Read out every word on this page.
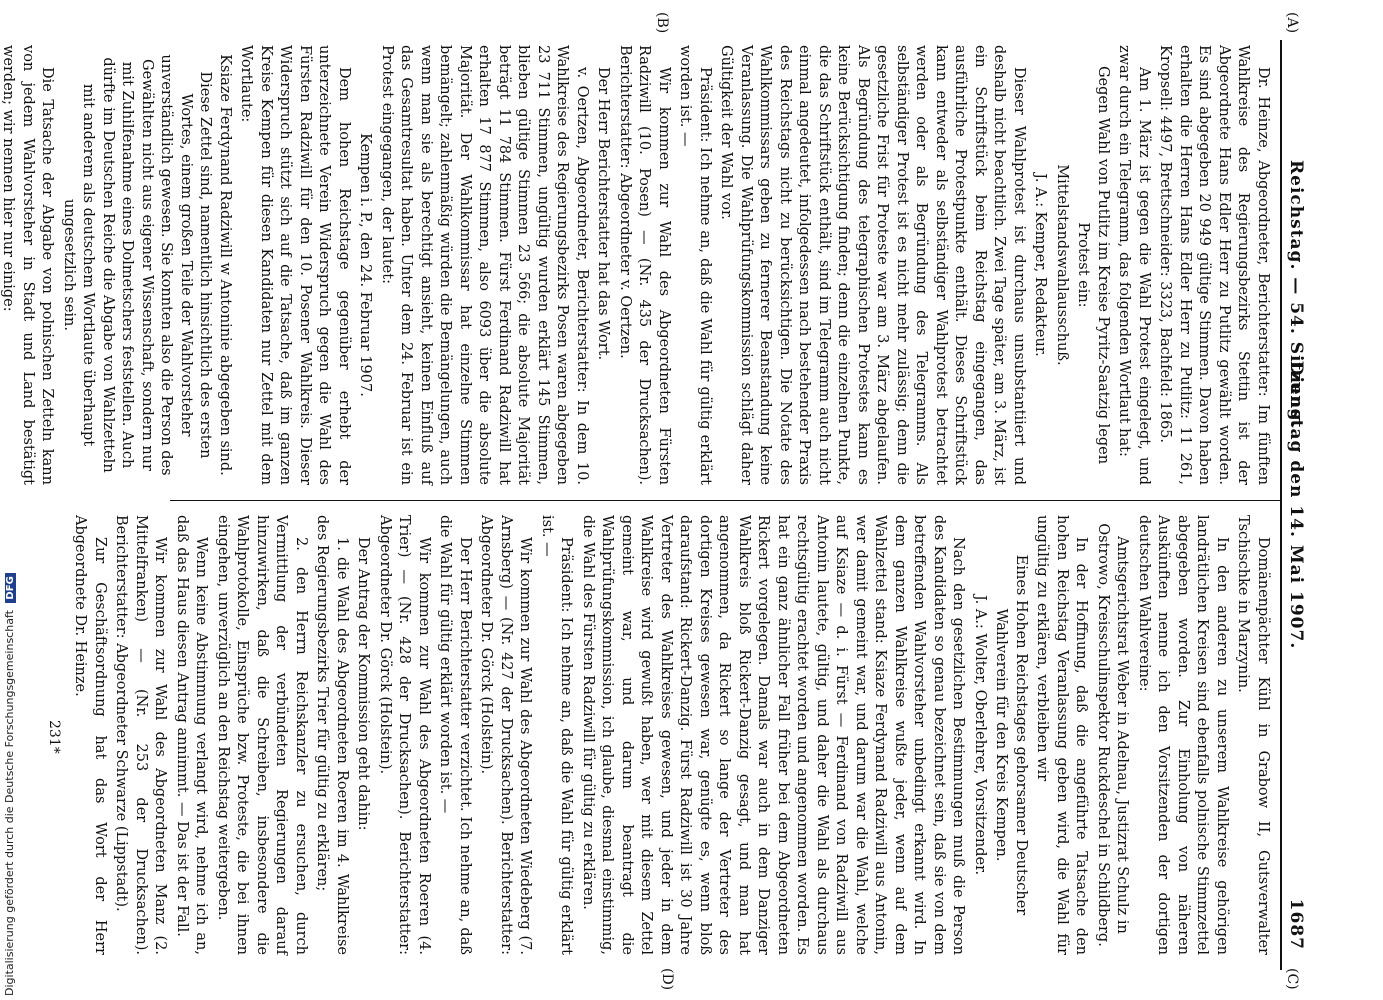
Reichstag. — 54. Sitzung.
Dienstag den 14. Mai 1907.
1687
(A)
(B)
(C)
(D)

Dr. Heinze, Abgeordneter, Berichterstatter: Im fünften Wahlkreise des Regierungsbezirks Stettin ist der Abgeordnete Hans Edler Herr zu Putlitz gewählt worden. Es sind abgegeben 20 949 gültige Stimmen. Davon haben erhalten die Herren Hans Edler Herr zu Putlitz: 11 261, Kropsell: 4497, Brettschneider: 3323, Bachfeld: 1865.

Am 1. März ist gegen die Wahl Protest eingelegt, und zwar durch ein Telegramm, das folgenden Wortlaut hat:

Gegen Wahl von Putlitz im Kreise Pyritz-Saatzig legen Protest ein:

Mittelstandswahlausschuß.

J. A.: Kemper, Redakteur.

Dieser Wahlprotest ist durchaus unsubstantiiert und deshalb nicht beachtlich. Zwei Tage später, am 3. März, ist ein Schriftstück beim Reichstag eingegangen, das ausführliche Protestpunkte enthält. Dieses Schriftstück kann entweder als selbständiger Wahlprotest betrachtet werden oder als Begründung des Telegramms. Als selbständiger Protest ist es nicht mehr zulässig; denn die gesetzliche Frist für Proteste war am 3. März abgelaufen. Als Begründung des telegraphischen Protestes kann es keine Berücksichtigung finden; denn die einzelnen Punkte, die das Schriftstück enthält, sind im Telegramm auch nicht einmal angedeutet, infolgedessen nach bestehender Praxis des Reichstags nicht zu berücksichtigen. Die Notate des Wahlkommissars geben zu fernerer Beanstandung keine Veranlassung. Die Wahlprüfungskommission schlägt daher Gültigkeit der Wahl vor.

Präsident: Ich nehme an, daß die Wahl für gültig erklärt worden ist. —

Wir kommen zur Wahl des Abgeordneten Fürsten Radziwill (10. Posen) — (Nr. 435 der Drucksachen). Berichterstatter: Abgeordneter v. Oertzen.

Der Herr Berichterstatter hat das Wort.

v. Oertzen, Abgeordneter, Berichterstatter: In dem 10. Wahlkreise des Regierungsbezirks Posen waren abgegeben 23 711 Stimmen, ungültig wurden erklärt 145 Stimmen, blieben gültige Stimmen 23 566; die absolute Majorität beträgt 11 784 Stimmen. Fürst Ferdinand Radziwill hat erhalten 17 877 Stimmen, also 6093 über die absolute Majorität. Der Wahlkommissar hat einzelne Stimmen bemängelt; zahlenmäßig würden die Bemängelungen, auch wenn man sie als berechtigt ansieht, keinen Einfluß auf das Gesamtresultat haben. Unter dem 24. Februar ist ein Protest eingegangen, der lautet:

Kempen i. P., den 24. Februar 1907.

Dem hohen Reichstage gegenüber erhebt der unterzeichnete Verein Widerspruch gegen die Wahl des Fürsten Radziwill für den 10. Posener Wahlkreis. Dieser Widerspruch stützt sich auf die Tatsache, daß im ganzen Kreise Kempen für diesen Kandidaten nur Zettel mit dem Wortlaute:

Ksiaze Ferdynand Radziwill w Antoninie abgegeben sind. Diese Zettel sind, namentlich hinsichtlich des ersten Wortes, einem großen Teile der Wahlvorsteher unverständlich gewesen. Sie konnten also die Person des Gewählten nicht aus eigener Wissenschaft, sondern nur mit Zuhilfenahme eines Dolmetschers feststellen. Auch dürfte im Deutschen Reiche die Abgabe von Wahlzetteln mit anderem als deutschem Wortlaute überhaupt ungesetzlich sein.

Die Tatsache der Abgabe von polnischen Zetteln kann von jedem Wahlvorsteher in Stadt und Land bestätigt werden; wir nennen hier nur einige:

Domänenpächter Kühl in Grabow II, Gutsverwalter Tschischke in Marzynin.

In den anderen zu unserem Wahlkreise gehörigen landrätlichen Kreisen sind ebenfalls polnische Stimmzettel abgegeben worden. Zur Einholung von näheren Auskünften nenne ich den Vorsitzenden der dortigen deutschen Wahlvereine:

Amtsgerichtsrat Weber in Adelnau, Justizrat Schulz in Ostrowo, Kreisschulinspektor Ruckdeschel in Schildberg.

In der Hoffnung, daß die angeführte Tatsache den hohen Reichstag Veranlassung geben wird, die Wahl für ungültig zu erklären, verbleiben wir

Eines Hohen Reichstages gehorsamer Deutscher Wahlverein für den Kreis Kempen.

J. A.: Wolter, Oberlehrer, Vorsitzender.

Nach den gesetzlichen Bestimmungen muß die Person des Kandidaten so genau bezeichnet sein, daß sie von dem betreffenden Wahlvorsteher unbedingt erkannt wird. In dem ganzen Wahlkreise wußte jeder, wenn auf dem Wahlzettel stand: Ksiaze Ferdynand Radziwill aus Antonin, wer damit gemeint war, und darum war die Wahl, welche auf Ksiaze — d. i. Fürst — Ferdinand von Radziwill aus Antonin lautete, gültig, und daher die Wahl als durchaus rechtsgültig erachtet worden und angenommen worden. Es hat ein ganz ähnlicher Fall früher bei dem Abgeordneten Rickert vorgelegen. Damals war auch in dem Danziger Wahlkreis bloß Rickert-Danzig gesagt, und man hat angenommen, da Rickert so lange der Vertreter des dortigen Kreises gewesen war, genügte es, wenn bloß daraufstand: Rickert-Danzig. Fürst Radziwill ist 30 Jahre Vertreter des Wahlkreises gewesen, und jeder in dem Wahlkreise wird gewußt haben, wer mit diesem Zettel gemeint war, und darum beantragt die Wahlprüfungskommission, ich glaube, diesmal einstimmig, die Wahl des Fürsten Radziwill für gültig zu erklären.

Präsident: Ich nehme an, daß die Wahl für gültig erklärt ist. —

Wir kommen zur Wahl des Abgeordneten Wiedeberg (7. Arnsberg) — (Nr. 427 der Drucksachen). Berichterstatter: Abgeordneter Dr. Görck (Holstein).

Der Herr Berichterstatter verzichtet. Ich nehme an, daß die Wahl für gültig erklärt worden ist. —

Wir kommen zur Wahl des Abgeordneten Roeren (4. Trier) — (Nr. 428 der Drucksachen). Berichterstatter: Abgeordneter Dr. Görck (Holstein).

Der Antrag der Kommission geht dahin:

1. die Wahl des Abgeordneten Roeren im 4. Wahlkreise des Regierungsbezirks Trier für gültig zu erklären;

2. den Herrn Reichskanzler zu ersuchen, durch Vermittlung der verbündeten Regierungen darauf hinzuwirken, daß die Schreiben, insbesondere die Wahlprotokolle, Einsprüche bzw. Proteste, die bei ihnen eingehen, unverzüglich an den Reichstag weitergeben.

Wenn keine Abstimmung verlangt wird, nehme ich an, daß das Haus diesen Antrag annimmt. — Das ist der Fall.

Wir kommen zur Wahl des Abgeordneten Manz (2. Mittelfranken) — (Nr. 253 der Drucksachen). Berichterstatter: Abgeordneter Schwarze (Lippstadt).

Zur Geschäftsordnung hat das Wort der Herr Abgeordnete Dr. Heinze.

231*
Digitalisierung gefördert durch die Deutsche Forschungsgemeinschaft DFG
